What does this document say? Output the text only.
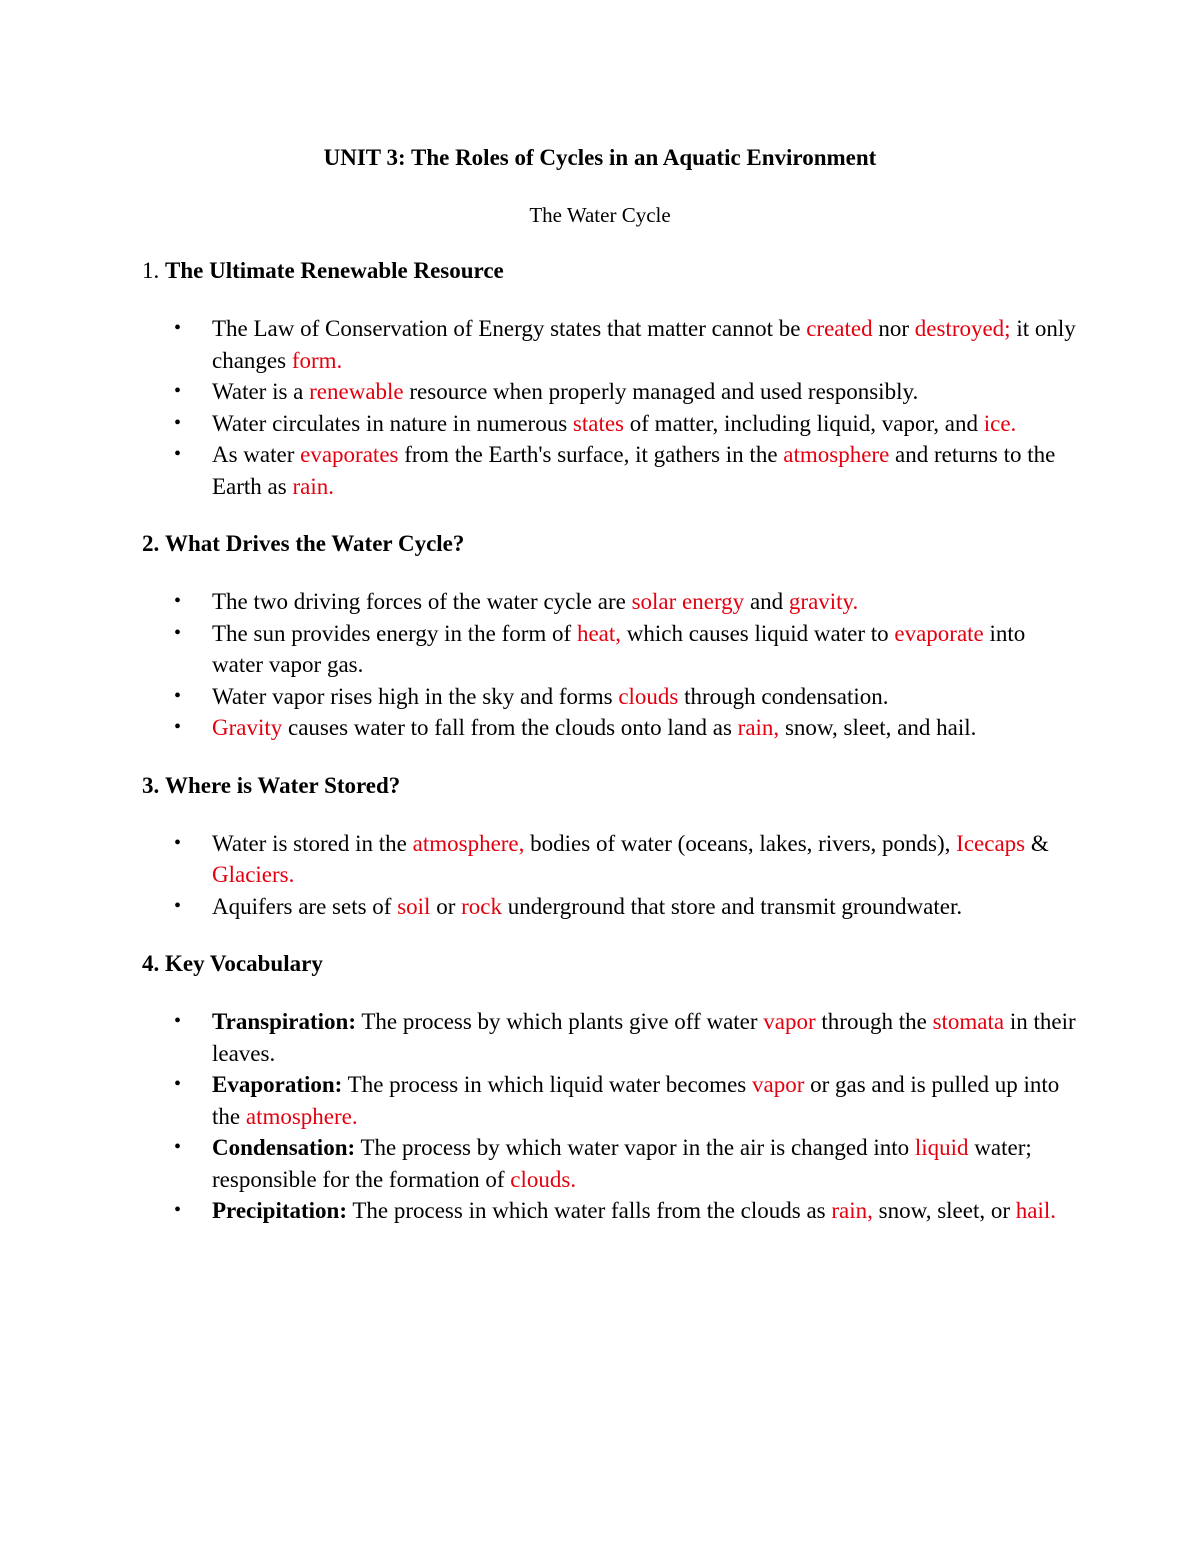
UNIT 3: The Roles of Cycles in an Aquatic Environment
The Water Cycle
1. The Ultimate Renewable Resource
• The Law of Conservation of Energy states that matter cannot be created nor destroyed; it only changes form.
• Water is a renewable resource when properly managed and used responsibly.
• Water circulates in nature in numerous states of matter, including liquid, vapor, and ice.
• As water evaporates from the Earth's surface, it gathers in the atmosphere and returns to the Earth as rain.
2. What Drives the Water Cycle?
• The two driving forces of the water cycle are solar energy and gravity.
• The sun provides energy in the form of heat, which causes liquid water to evaporate into water vapor gas.
• Water vapor rises high in the sky and forms clouds through condensation.
• Gravity causes water to fall from the clouds onto land as rain, snow, sleet, and hail.
3. Where is Water Stored?
• Water is stored in the atmosphere, bodies of water (oceans, lakes, rivers, ponds), Icecaps & Glaciers.
• Aquifers are sets of soil or rock underground that store and transmit groundwater.
4. Key Vocabulary
• Transpiration: The process by which plants give off water vapor through the stomata in their leaves.
• Evaporation: The process in which liquid water becomes vapor or gas and is pulled up into the atmosphere.
• Condensation: The process by which water vapor in the air is changed into liquid water; responsible for the formation of clouds.
• Precipitation: The process in which water falls from the clouds as rain, snow, sleet, or hail.
